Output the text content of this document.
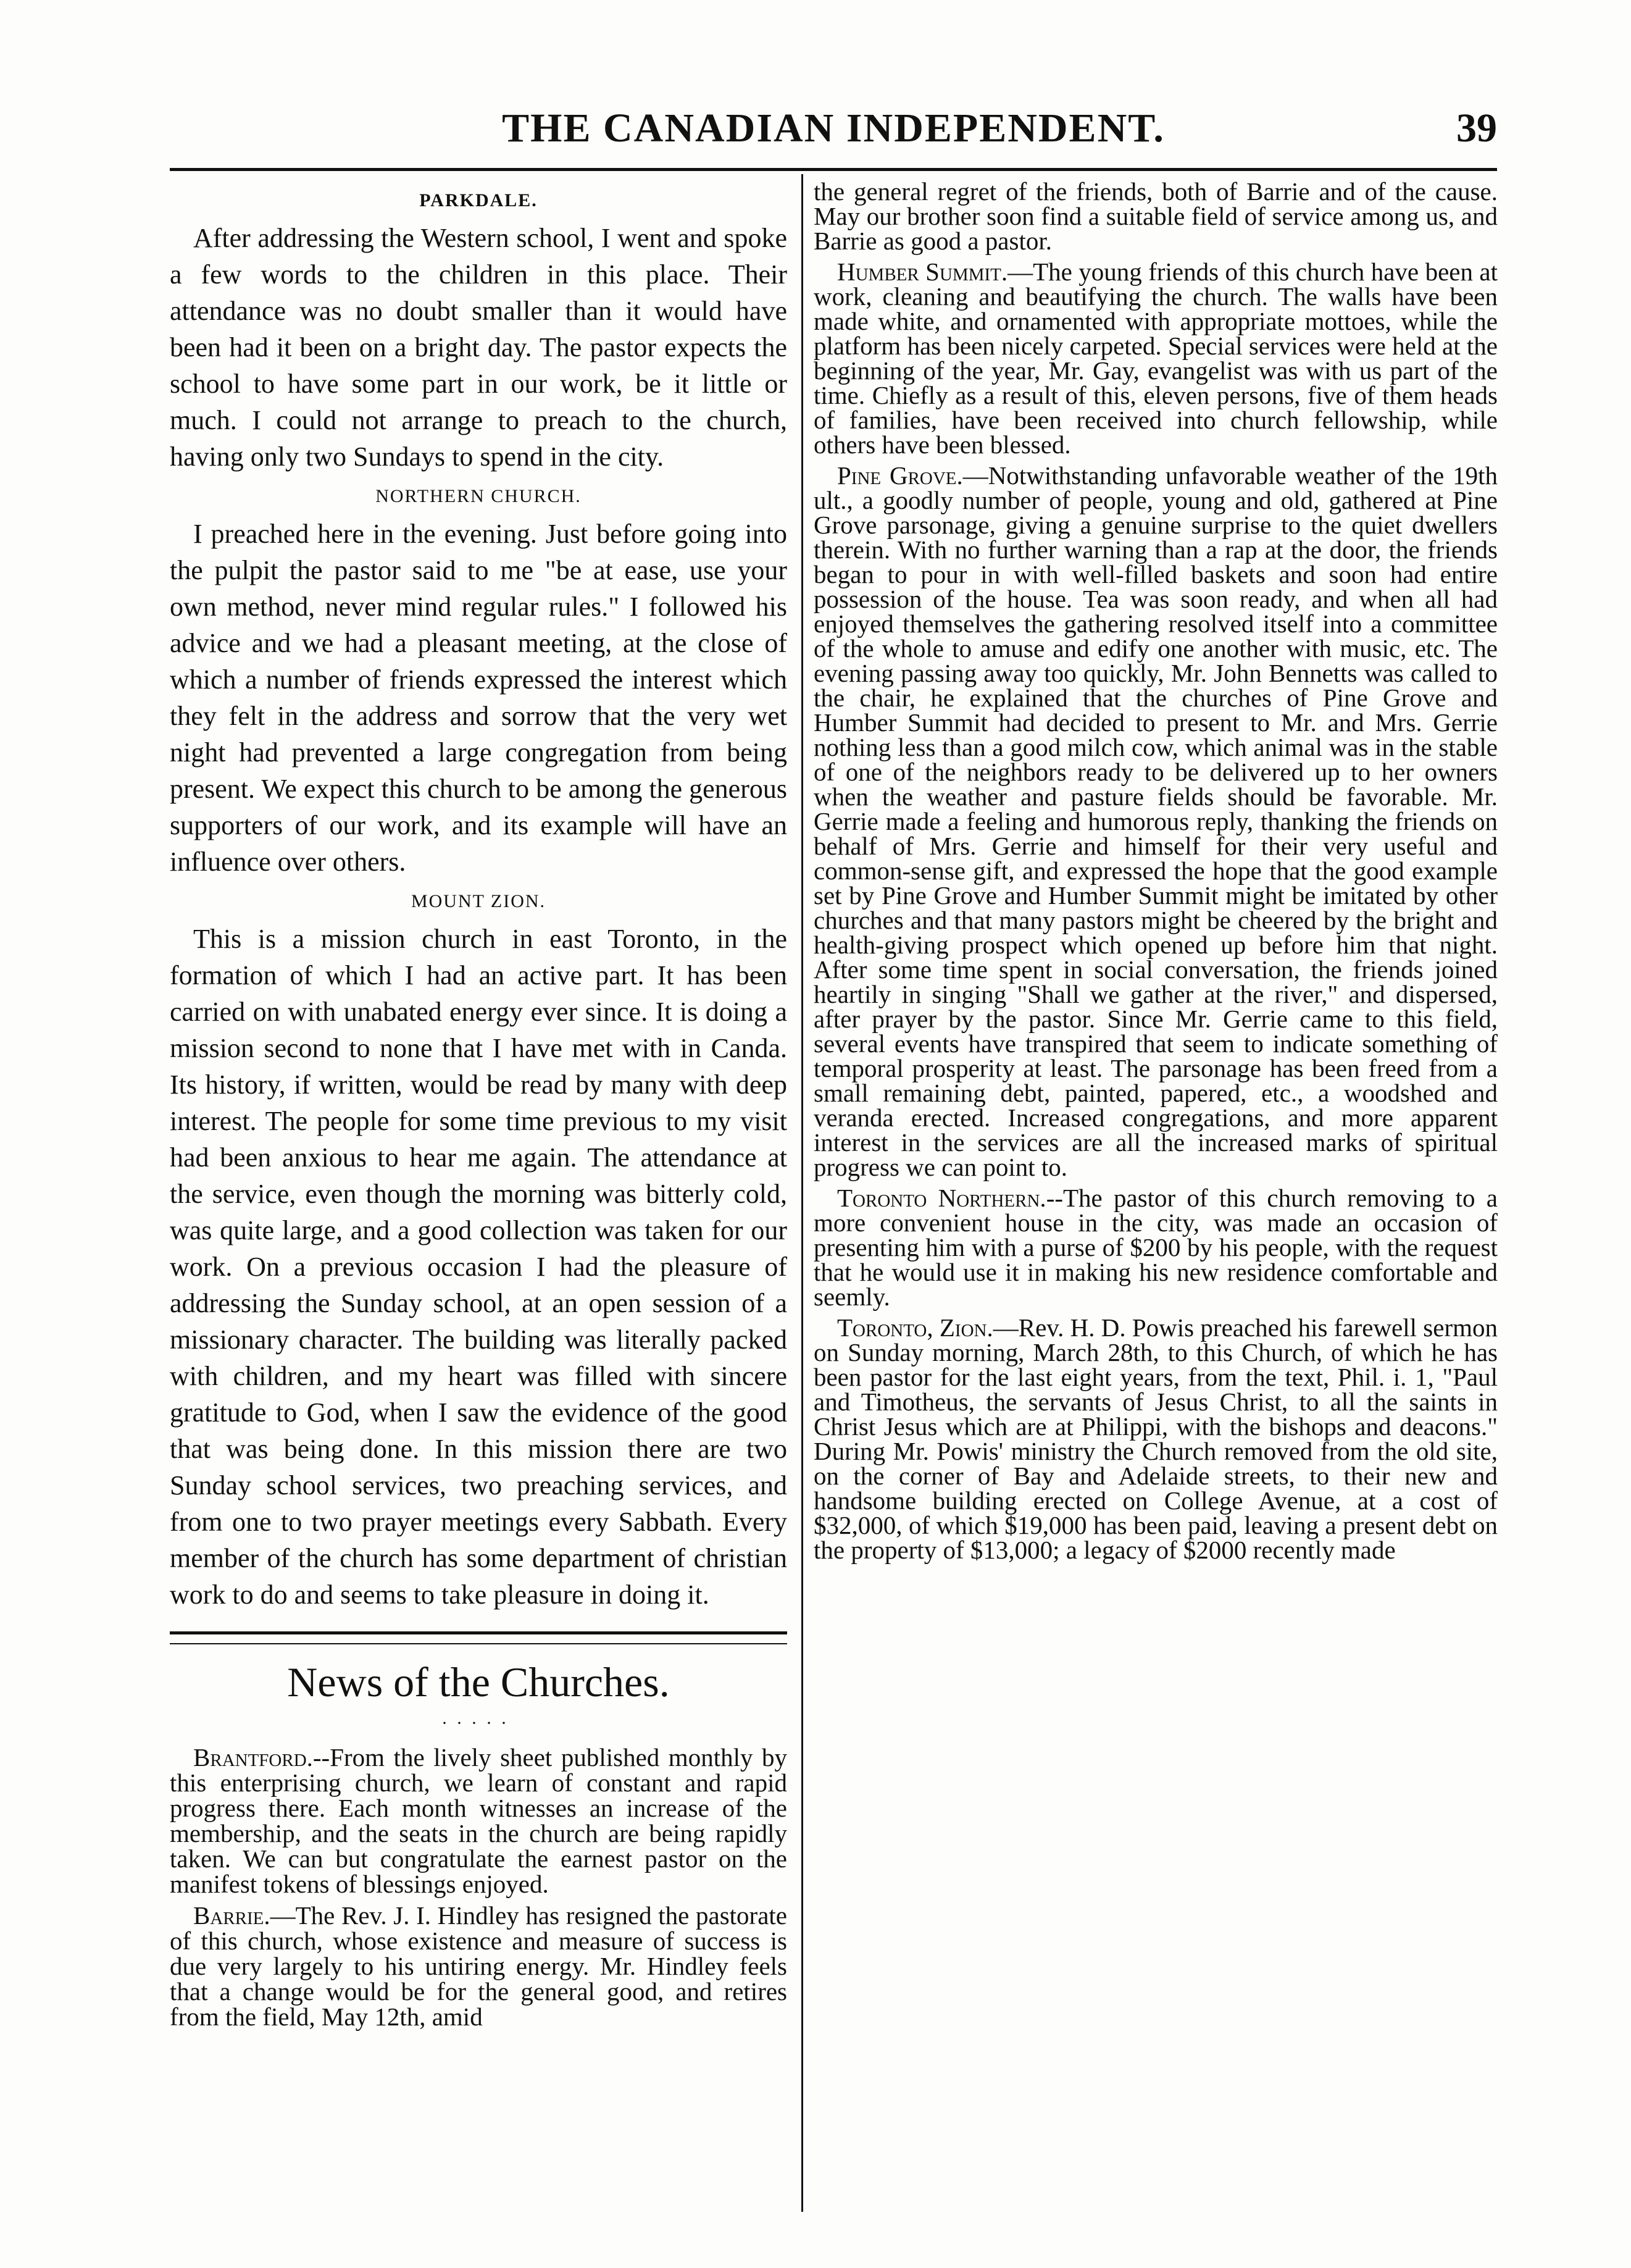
THE CANADIAN INDEPENDENT.	39
PARKDALE.

After addressing the Western school, I went and spoke a few words to the children in this place. Their attendance was no doubt smaller than it would have been had it been on a bright day. The pastor expects the school to have some part in our work, be it little or much. I could not arrange to preach to the church, having only two Sundays to spend in the city.

NORTHERN CHURCH.

I preached here in the evening. Just before going into the pulpit the pastor said to me "be at ease, use your own method, never mind regular rules." I followed his advice and we had a pleasant meeting, at the close of which a number of friends expressed the interest which they felt in the address and sorrow that the very wet night had prevented a large congregation from being present. We expect this church to be among the generous supporters of our work, and its example will have an influence over others.

MOUNT ZION.

This is a mission church in east Toronto, in the formation of which I had an active part. It has been carried on with unabated energy ever since. It is doing a mission second to none that I have met with in Canda. Its history, if written, would be read by many with deep interest. The people for some time previous to my visit had been anxious to hear me again. The attendance at the service, even though the morning was bitterly cold, was quite large, and a good collection was taken for our work. On a previous occasion I had the pleasure of addressing the Sunday school, at an open session of a missionary character. The building was literally packed with children, and my heart was filled with sincere gratitude to God, when I saw the evidence of the good that was being done. In this mission there are two Sunday school services, two preaching services, and from one to two prayer meetings every Sabbath. Every member of the church has some department of christian work to do and seems to take pleasure in doing it.

News of the Churches.
·····

Brantford.--From the lively sheet published monthly by this enterprising church, we learn of constant and rapid progress there. Each month witnesses an increase of the membership, and the seats in the church are being rapidly taken. We can but congratulate the earnest pastor on the manifest tokens of blessings enjoyed.

Barrie.—The Rev. J. I. Hindley has resigned the pastorate of this church, whose existence and measure of success is due very largely to his untiring energy. Mr. Hindley feels that a change would be for the general good, and retires from the field, May 12th, amid

the general regret of the friends, both of Barrie and of the cause. May our brother soon find a suitable field of service among us, and Barrie as good a pastor.

Humber Summit.—The young friends of this church have been at work, cleaning and beautifying the church. The walls have been made white, and ornamented with appropriate mottoes, while the platform has been nicely carpeted. Special services were held at the beginning of the year, Mr. Gay, evangelist was with us part of the time. Chiefly as a result of this, eleven persons, five of them heads of families, have been received into church fellowship, while others have been blessed.

Pine Grove.—Notwithstanding unfavorable weather of the 19th ult., a goodly number of people, young and old, gathered at Pine Grove parsonage, giving a genuine surprise to the quiet dwellers therein. With no further warning than a rap at the door, the friends began to pour in with well-filled baskets and soon had entire possession of the house. Tea was soon ready, and when all had enjoyed themselves the gathering resolved itself into a committee of the whole to amuse and edify one another with music, etc. The evening passing away too quickly, Mr. John Bennetts was called to the chair, he explained that the churches of Pine Grove and Humber Summit had decided to present to Mr. and Mrs. Gerrie nothing less than a good milch cow, which animal was in the stable of one of the neighbors ready to be delivered up to her owners when the weather and pasture fields should be favorable. Mr. Gerrie made a feeling and humorous reply, thanking the friends on behalf of Mrs. Gerrie and himself for their very useful and common-sense gift, and expressed the hope that the good example set by Pine Grove and Humber Summit might be imitated by other churches and that many pastors might be cheered by the bright and health-giving prospect which opened up before him that night. After some time spent in social conversation, the friends joined heartily in singing "Shall we gather at the river," and dispersed, after prayer by the pastor. Since Mr. Gerrie came to this field, several events have transpired that seem to indicate something of temporal prosperity at least. The parsonage has been freed from a small remaining debt, painted, papered, etc., a woodshed and veranda erected. Increased congregations, and more apparent interest in the services are all the increased marks of spiritual progress we can point to.

Toronto Northern.--The pastor of this church removing to a more convenient house in the city, was made an occasion of presenting him with a purse of $200 by his people, with the request that he would use it in making his new residence comfortable and seemly.

Toronto, Zion.—Rev. H. D. Powis preached his farewell sermon on Sunday morning, March 28th, to this Church, of which he has been pastor for the last eight years, from the text, Phil. i. 1, "Paul and Timotheus, the servants of Jesus Christ, to all the saints in Christ Jesus which are at Philippi, with the bishops and deacons." During Mr. Powis' ministry the Church removed from the old site, on the corner of Bay and Adelaide streets, to their new and handsome building erected on College Avenue, at a cost of $32,000, of which $19,000 has been paid, leaving a present debt on the property of $13,000; a legacy of $2000 recently made
